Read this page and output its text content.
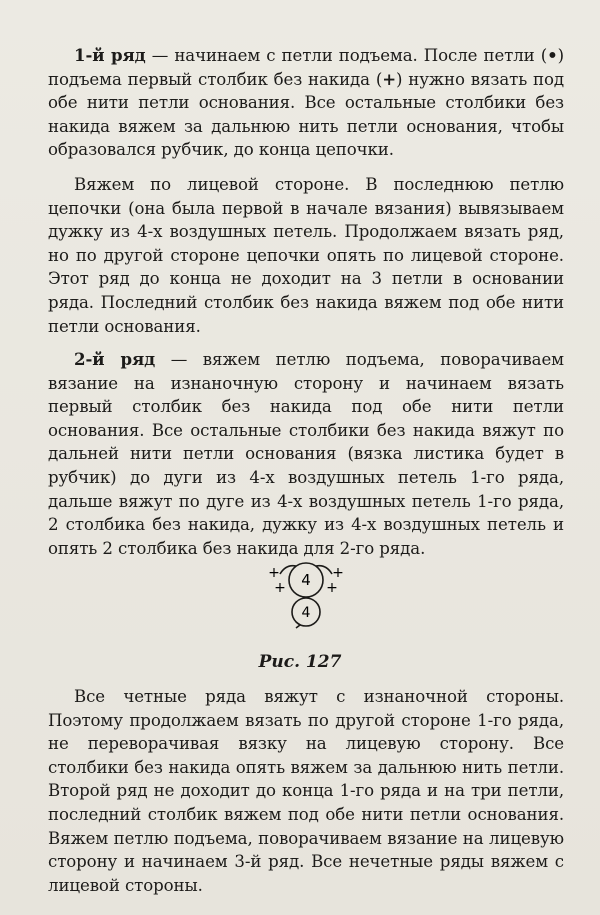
1-й ряд — начинаем с петли подъема. После петли (•) подъема первый столбик без накида (+) нужно вязать под обе нити петли основания. Все остальные столбики без накида вяжем за дальнюю нить петли основания, чтобы образовался рубчик, до конца цепочки.
Вяжем по лицевой стороне. В последнюю петлю цепочки (она была первой в начале вязания) вывязываем дужку из 4-х воздушных петель. Продолжаем вязать ряд, но по другой стороне цепочки опять по лицевой стороне. Этот ряд до конца не доходит на 3 петли в основании ряда. Последний столбик без накида вяжем под обе нити петли основания.
2-й ряд — вяжем петлю подъема, поворачиваем вязание на изнаночную сторону и начинаем вязать первый столбик без накида под обе нити петли основания. Все остальные столбики без накида вяжут по дальней нити петли основания (вязка листика будет в рубчик) до дуги из 4-х воздушных петель 1-го ряда, дальше вяжут по дуге из 4-х воздушных петель 1-го ряда, 2 столбика без накида, дужку из 4-х воздушных петель и опять 2 столбика без накида для 2-го ряда.
4
4
+	+
+	+
Рис. 127
Все четные ряда вяжут с изнаночной стороны. Поэтому продолжаем вязать по другой стороне 1-го ряда, не переворачивая вязку на лицевую сторону. Все столбики без накида опять вяжем за дальнюю нить петли. Второй ряд не доходит до конца 1-го ряда и на три петли, последний столбик вяжем под обе нити петли основания. Вяжем петлю подъема, поворачиваем вязание на лицевую сторону и начинаем 3-й ряд. Все нечетные ряды вяжем с лицевой стороны.
